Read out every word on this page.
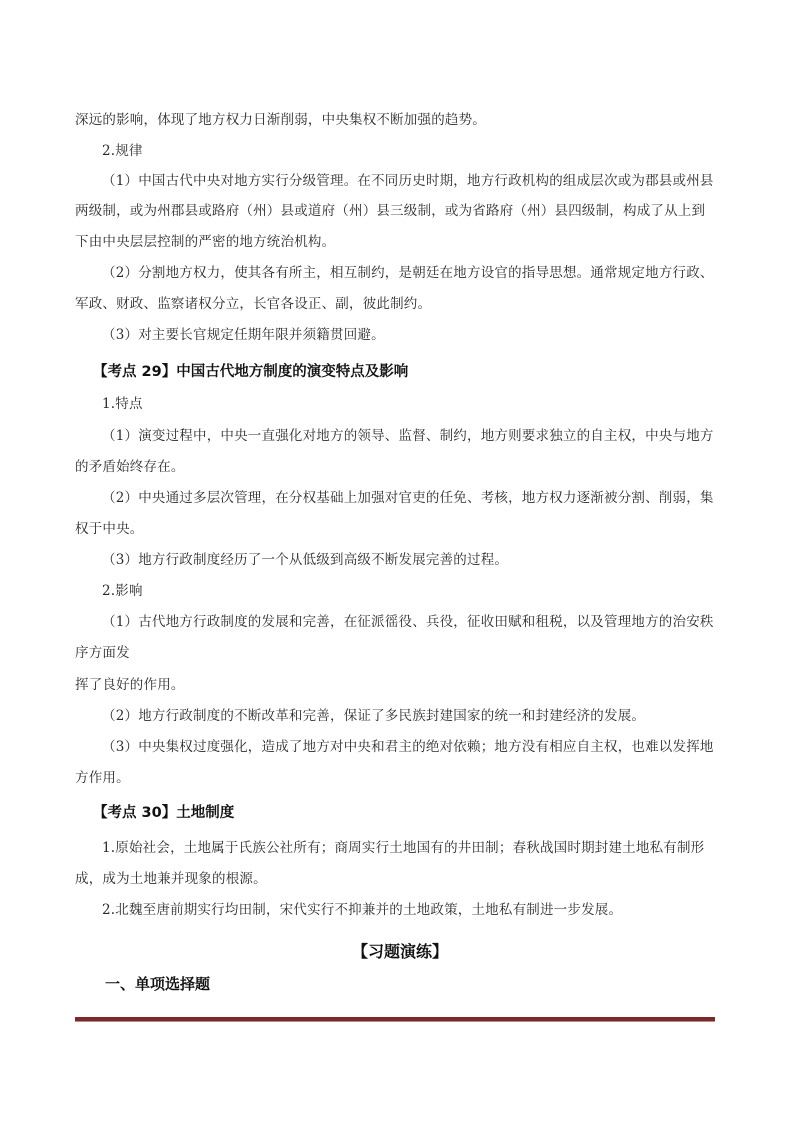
深远的影响，体现了地方权力日渐削弱，中央集权不断加强的趋势。
2.规律
（1）中国古代中央对地方实行分级管理。在不同历史时期，地方行政机构的组成层次或为郡县或州县
两级制，或为州郡县或路府（州）县或道府（州）县三级制，或为省路府（州）县四级制，构成了从上到
下由中央层层控制的严密的地方统治机构。
（2）分割地方权力，使其各有所主，相互制约，是朝廷在地方设官的指导思想。通常规定地方行政、
军政、财政、监察诸权分立，长官各设正、副，彼此制约。
（3）对主要长官规定任期年限并须籍贯回避。
【考点 29】中国古代地方制度的演变特点及影响
1.特点
（1）演变过程中，中央一直强化对地方的领导、监督、制约，地方则要求独立的自主权，中央与地方
的矛盾始终存在。
（2）中央通过多层次管理，在分权基础上加强对官吏的任免、考核，地方权力逐渐被分割、削弱，集
权于中央。
（3）地方行政制度经历了一个从低级到高级不断发展完善的过程。
2.影响
（1）古代地方行政制度的发展和完善，在征派徭役、兵役，征收田赋和租税，以及管理地方的治安秩
序方面发
挥了良好的作用。
（2）地方行政制度的不断改革和完善，保证了多民族封建国家的统一和封建经济的发展。
（3）中央集权过度强化，造成了地方对中央和君主的绝对依赖；地方没有相应自主权，也难以发挥地
方作用。
【考点 30】土地制度
1.原始社会，土地属于氏族公社所有；商周实行土地国有的井田制；春秋战国时期封建土地私有制形
成，成为土地兼并现象的根源。
2.北魏至唐前期实行均田制，宋代实行不抑兼并的土地政策，土地私有制进一步发展。
【习题演练】
一、单项选择题
